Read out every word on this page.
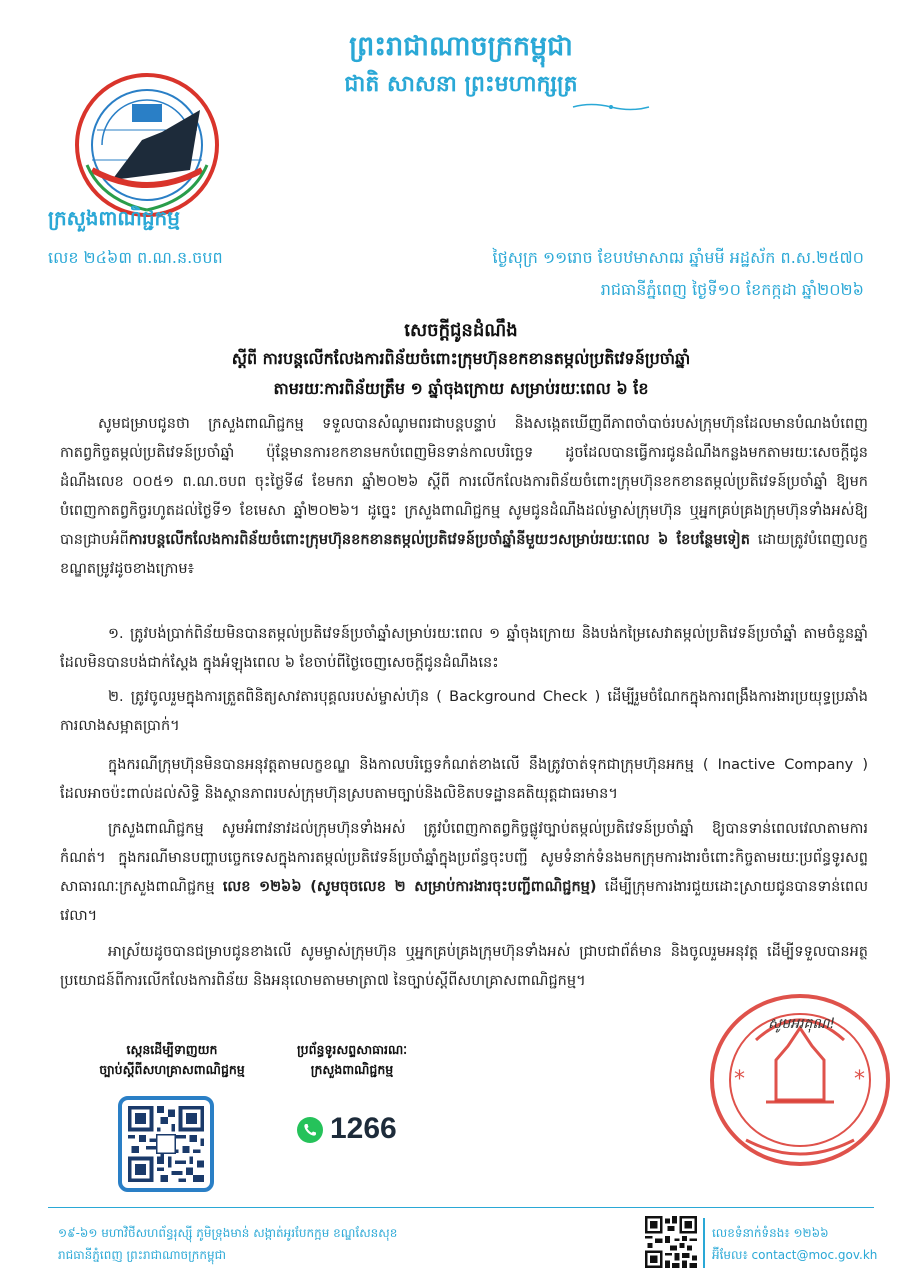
ព្រះរាជាណាចក្រកម្ពុជា
ជាតិ សាសនា ព្រះមហាក្សត្រ
ក្រសួងពាណិជ្ជកម្ម
លេខ ២៤៦៣ ព.ណ.ន.ចបព	ថ្ងៃសុក្រ ១១រោច ខែបឋមាសាឍ ឆ្នាំមមី អដ្ឋស័ក ព.ស.២៥៧០
រាជធានីភ្នំពេញ ថ្ងៃទី១០ ខែកក្កដា ឆ្នាំ២០២៦
សេចក្តីជូនដំណឹង
ស្តីពី ការបន្តលើកលែងការពិន័យចំពោះក្រុមហ៊ុនខកខានតម្កល់ប្រតិវេទន៍ប្រចាំឆ្នាំ
តាមរយៈការពិន័យត្រឹម ១ ឆ្នាំចុងក្រោយ សម្រាប់រយៈពេល ៦ ខែ
សូមជម្រាបជូនថា ក្រសួងពាណិជ្ជកម្ម ទទួលបានសំណូមពរជាបន្តបន្ទាប់ និងសង្កេតឃើញពីភាពចាំបាច់របស់ក្រុមហ៊ុនដែលមានបំណងបំពេញកាតព្វកិច្ចតម្កល់ប្រតិវេទន៍ប្រចាំឆ្នាំ ប៉ុន្តែមានការខកខានមកបំពេញមិនទាន់កាលបរិច្ឆេទ ដូចដែលបានធ្វើការជូនដំណឹងកន្លងមកតាមរយៈសេចក្តីជូនដំណឹងលេខ ០០៥១ ព.ណ.ចបព ចុះថ្ងៃទី៨ ខែមករា ឆ្នាំ២០២៦ ស្តីពី ការលើកលែងការពិន័យចំពោះក្រុមហ៊ុនខកខានតម្កល់ប្រតិវេទន៍ប្រចាំឆ្នាំ ឱ្យមកបំពេញកាតព្វកិច្ចរហូតដល់ថ្ងៃទី១ ខែមេសា ឆ្នាំ២០២៦។ ដូច្នេះ ក្រសួងពាណិជ្ជកម្ម សូមជូនដំណឹងដល់ម្ចាស់ក្រុមហ៊ុន ឬអ្នកគ្រប់គ្រងក្រុមហ៊ុនទាំងអស់ឱ្យបានជ្រាបអំពីការបន្តលើកលែងការពិន័យចំពោះក្រុមហ៊ុនខកខានតម្កល់ប្រតិវេទន៍ប្រចាំឆ្នាំនីមួយៗសម្រាប់រយៈពេល ៦ ខែបន្ថែមទៀត ដោយត្រូវបំពេញលក្ខខណ្ឌតម្រូវដូចខាងក្រោម៖
១. ត្រូវបង់ប្រាក់ពិន័យមិនបានតម្កល់ប្រតិវេទន៍ប្រចាំឆ្នាំសម្រាប់រយៈពេល ១ ឆ្នាំចុងក្រោយ និងបង់កម្រៃសេវាតម្កល់ប្រតិវេទន៍ប្រចាំឆ្នាំ តាមចំនួនឆ្នាំដែលមិនបានបង់ជាក់ស្តែង ក្នុងអំឡុងពេល ៦ ខែចាប់ពីថ្ងៃចេញសេចក្តីជូនដំណឹងនេះ
២. ត្រូវចូលរួមក្នុងការត្រួតពិនិត្យសាវតារបុគ្គលរបស់ម្ចាស់ហ៊ុន ( Background Check ) ដើម្បីរួមចំណែកក្នុងការពង្រឹងការងារប្រយុទ្ធប្រឆាំងការលាងសម្អាតប្រាក់។
ក្នុងករណីក្រុមហ៊ុនមិនបានអនុវត្តតាមលក្ខខណ្ឌ និងកាលបរិច្ឆេទកំណត់ខាងលើ នឹងត្រូវចាត់ទុកជាក្រុមហ៊ុនអកម្ម ( Inactive Company ) ដែលអាចប៉ះពាល់ដល់សិទ្ធិ និងស្ថានភាពរបស់ក្រុមហ៊ុនស្របតាមច្បាប់និងលិខិតបទដ្ឋានគតិយុត្តជាធរមាន។
ក្រសួងពាណិជ្ជកម្ម សូមអំពាវនាវដល់ក្រុមហ៊ុនទាំងអស់ ត្រូវបំពេញកាតព្វកិច្ចផ្លូវច្បាប់តម្កល់ប្រតិវេទន៍ប្រចាំឆ្នាំ ឱ្យបានទាន់ពេលវេលាតាមការកំណត់។ ក្នុងករណីមានបញ្ហាបច្ចេកទេសក្នុងការតម្កល់ប្រតិវេទន៍ប្រចាំឆ្នាំក្នុងប្រព័ន្ធចុះបញ្ជី សូមទំនាក់ទំនងមកក្រុមការងារចំពោះកិច្ចតាមរយៈប្រព័ន្ធទូរសព្ទសាធារណៈក្រសួងពាណិជ្ជកម្ម លេខ ១២៦៦ (សូមចុចលេខ ២ សម្រាប់ការងារចុះបញ្ជីពាណិជ្ជកម្ម) ដើម្បីក្រុមការងារជួយដោះស្រាយជូនបានទាន់ពេលវេលា។
អាស្រ័យដូចបានជម្រាបជូនខាងលើ សូមម្ចាស់ក្រុមហ៊ុន ឬអ្នកគ្រប់គ្រងក្រុមហ៊ុនទាំងអស់ ជ្រាបជាព័ត៌មាន និងចូលរួមអនុវត្ត ដើម្បីទទួលបានអត្ថប្រយោជន៍ពីការលើកលែងការពិន័យ និងអនុលោមតាមមាត្រា៧ នៃច្បាប់ស្តីពីសហគ្រាសពាណិជ្ជកម្ម។
*	*
សូមអរគុណ!
ស្កេនដើម្បីទាញយក
ច្បាប់ស្តីពីសហគ្រាសពាណិជ្ជកម្ម
ប្រព័ន្ធទូរសព្ទសាធារណៈ
ក្រសួងពាណិជ្ជកម្ម
1266
១៩-៦១ មហាវិថីសហព័ន្ធរុស្ស៊ី ភូមិទ្រុងមាន់ សង្កាត់អូរបែកក្អម ខណ្ឌសែនសុខ
រាជធានីភ្នំពេញ ព្រះរាជាណាចក្រកម្ពុជា
លេខទំនាក់ទំនង៖ ១២៦៦
អ៊ីមែល៖ contact@moc.gov.kh
